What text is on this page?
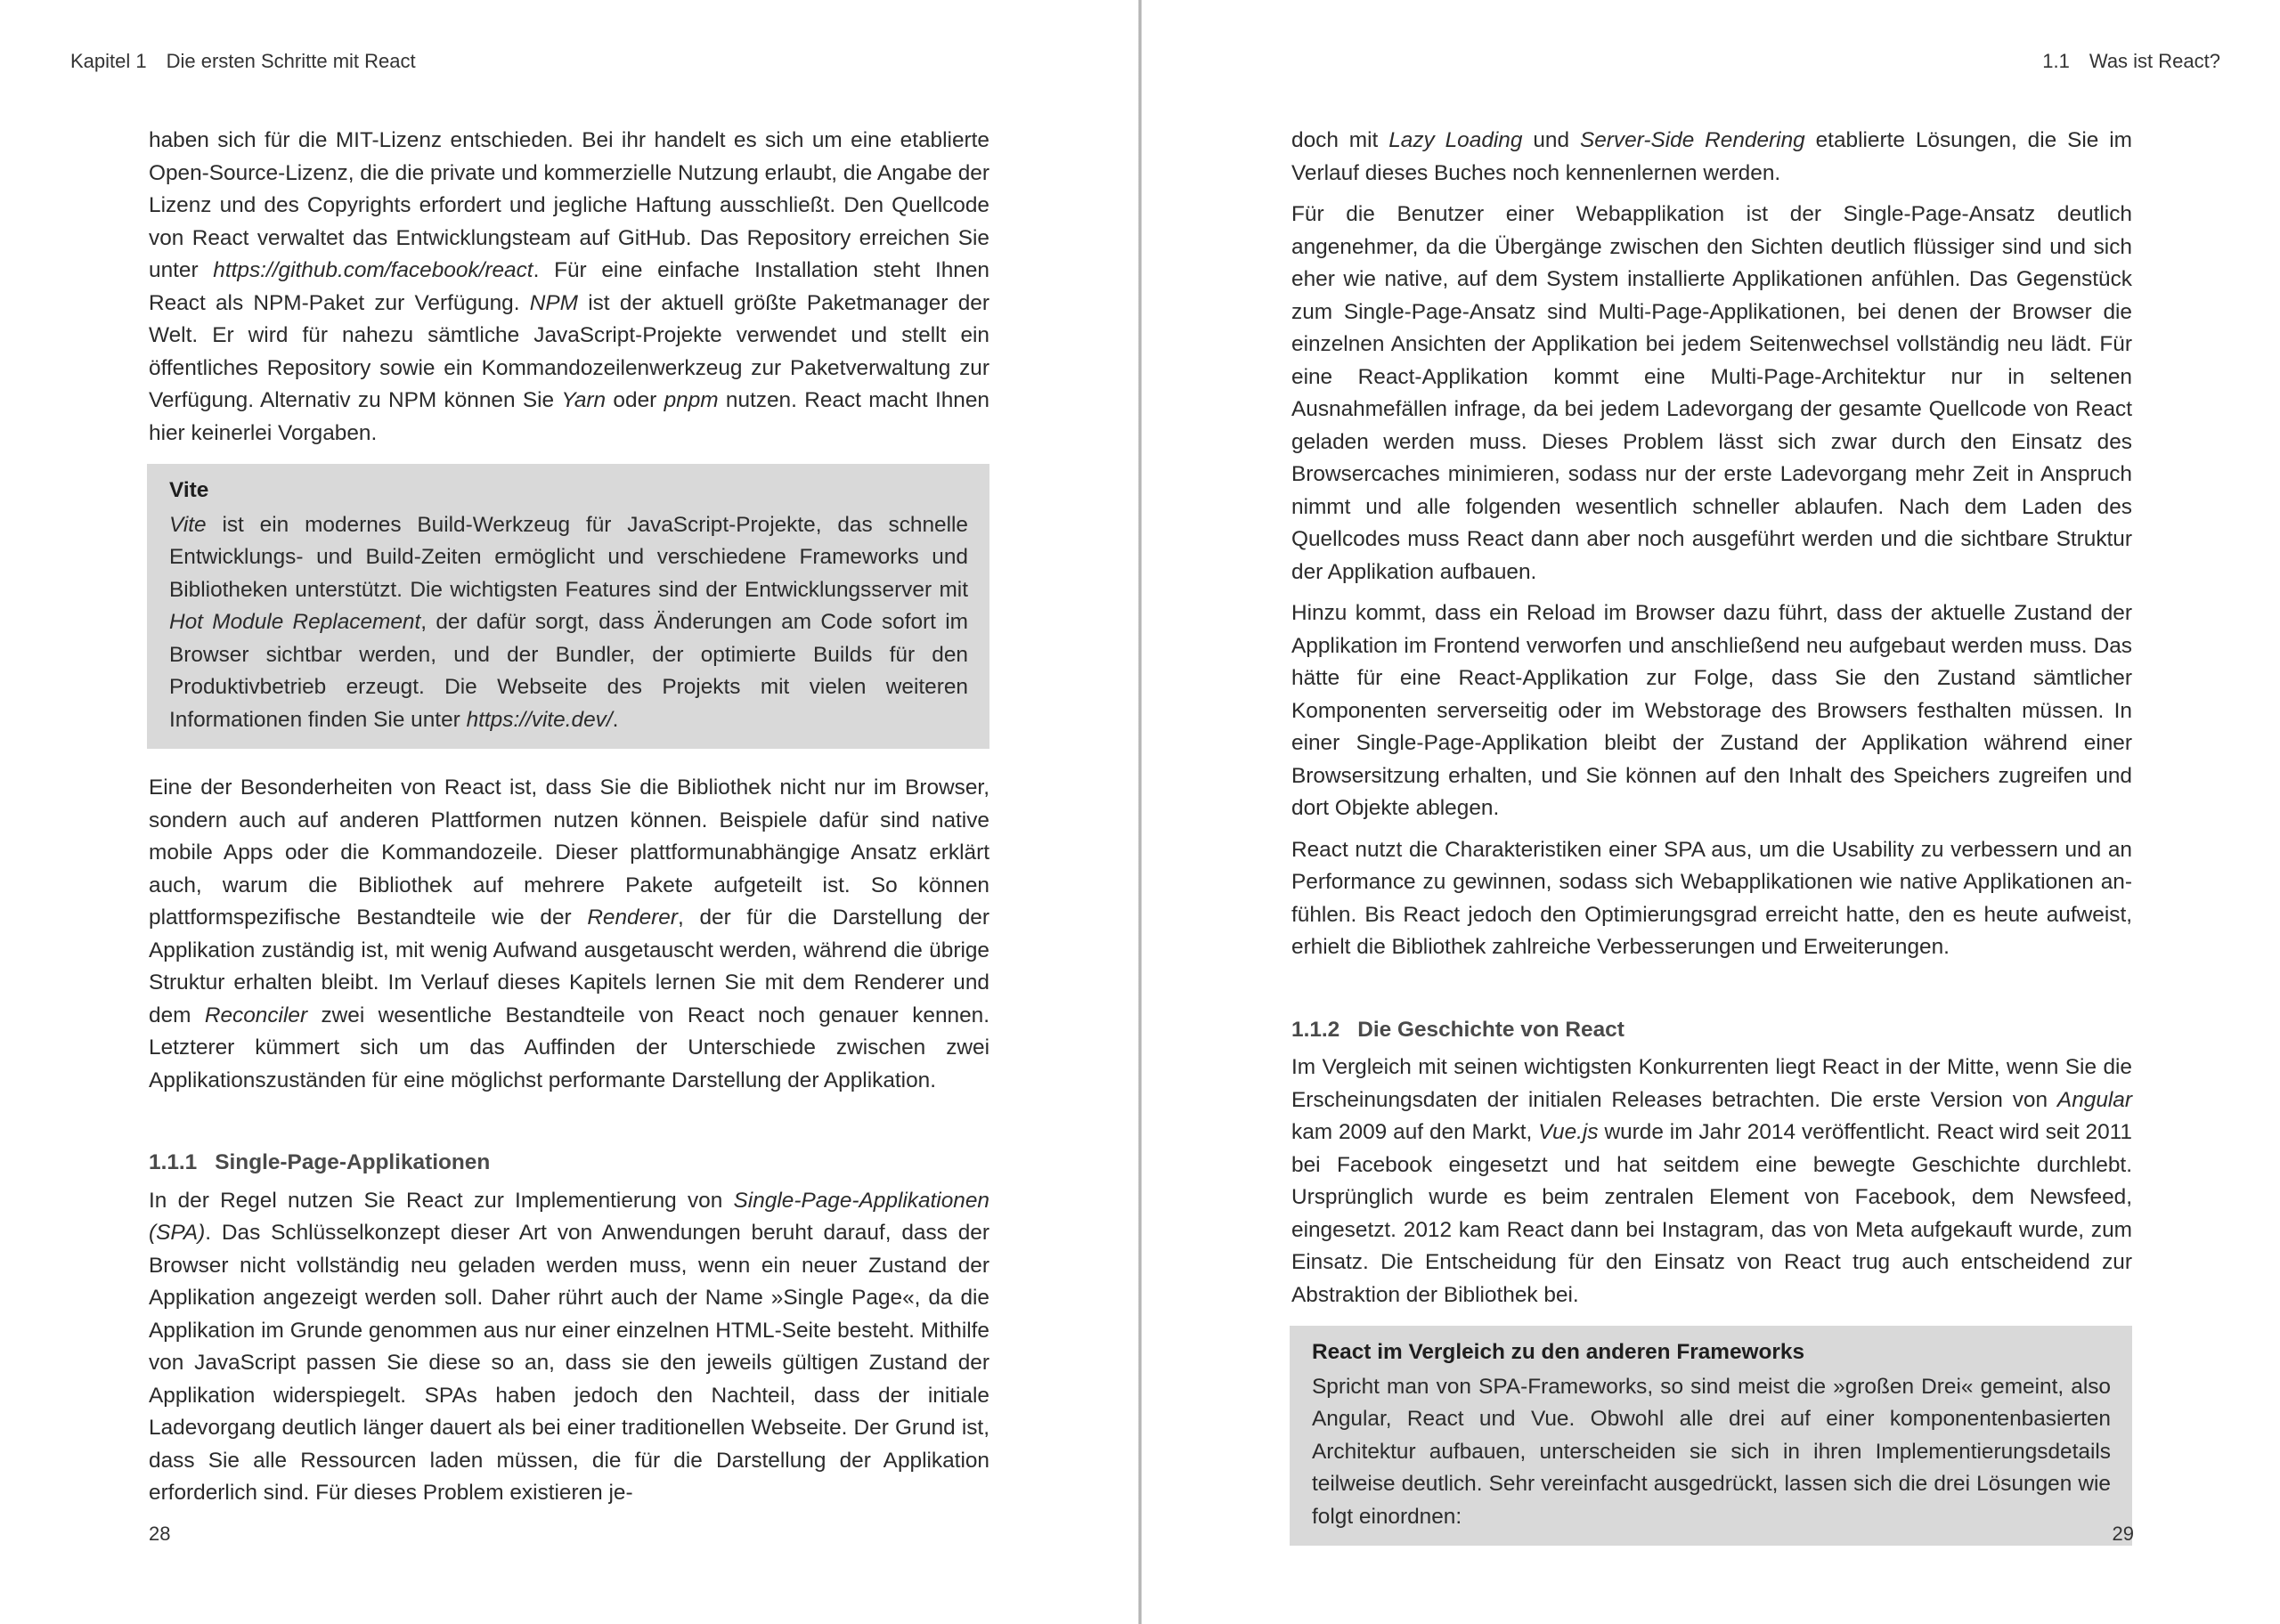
Kapitel 1 Die ersten Schritte mit React

haben sich für die MIT-Lizenz entschieden. Bei ihr handelt es sich um eine etablierte Open-Source-Lizenz, die die private und kommerzielle Nutzung erlaubt, die Angabe der Lizenz und des Copyrights erfordert und jegliche Haftung ausschließt. Den Quellcode von React verwaltet das Entwicklungsteam auf GitHub. Das Repository erreichen Sie unter https://github.com/facebook/react. Für eine einfache Installation steht Ihnen React als NPM-Paket zur Verfügung. NPM ist der aktuell größte Paketmanager der Welt. Er wird für nahezu sämtliche JavaScript-Projekte verwendet und stellt ein öffentliches Repository sowie ein Kommandozeilenwerkzeug zur Paketverwaltung zur Verfügung. Alternativ zu NPM können Sie Yarn oder pnpm nutzen. React macht Ihnen hier keinerlei Vorgaben.

Vite

Vite ist ein modernes Build-Werkzeug für JavaScript-Projekte, das schnelle Entwicklungs- und Build-Zeiten ermöglicht und verschiedene Frameworks und Bibliotheken unterstützt. Die wichtigsten Features sind der Entwicklungsserver mit Hot Module Replacement, der dafür sorgt, dass Änderungen am Code sofort im Browser sichtbar werden, und der Bundler, der optimierte Builds für den Produktivbetrieb erzeugt. Die Webseite des Projekts mit vielen weiteren Informationen finden Sie unter https://vite.dev/.

Eine der Besonderheiten von React ist, dass Sie die Bibliothek nicht nur im Browser, sondern auch auf anderen Plattformen nutzen können. Beispiele dafür sind native mobile Apps oder die Kommandozeile. Dieser plattformunabhängige Ansatz erklärt auch, warum die Bibliothek auf mehrere Pakete aufgeteilt ist. So können plattformspezifische Bestandteile wie der Renderer, der für die Darstellung der Applikation zuständig ist, mit wenig Aufwand ausgetauscht werden, während die übrige Struktur erhalten bleibt. Im Verlauf dieses Kapitels lernen Sie mit dem Renderer und dem Reconciler zwei wesentliche Bestandteile von React noch genauer kennen. Letzterer kümmert sich um das Auffinden der Unterschiede zwischen zwei Applikationszuständen für eine möglichst performante Darstellung der Applikation.

1.1.1 Single-Page-Applikationen

In der Regel nutzen Sie React zur Implementierung von Single-Page-Applikationen (SPA). Das Schlüsselkonzept dieser Art von Anwendungen beruht darauf, dass der Browser nicht vollständig neu geladen werden muss, wenn ein neuer Zustand der Applikation angezeigt werden soll. Daher rührt auch der Name »Single Page«, da die Applikation im Grunde genommen aus nur einer einzelnen HTML-Seite besteht. Mithilfe von JavaScript passen Sie diese so an, dass sie den jeweils gültigen Zustand der Applikation widerspiegelt. SPAs haben jedoch den Nachteil, dass der initiale Ladevorgang deutlich länger dauert als bei einer traditionellen Webseite. Der Grund ist, dass Sie alle Ressourcen laden müssen, die für die Darstellung der Applikation erforderlich sind. Für dieses Problem existieren je-

28
1.1 Was ist React?

doch mit Lazy Loading und Server-Side Rendering etablierte Lösungen, die Sie im Verlauf dieses Buches noch kennenlernen werden.

Für die Benutzer einer Webapplikation ist der Single-Page-Ansatz deutlich angenehmer, da die Übergänge zwischen den Sichten deutlich flüssiger sind und sich eher wie native, auf dem System installierte Applikationen anfühlen. Das Gegenstück zum Single-Page-Ansatz sind Multi-Page-Applikationen, bei denen der Browser die einzelnen Ansichten der Applikation bei jedem Seitenwechsel vollständig neu lädt. Für eine React-Applikation kommt eine Multi-Page-Architektur nur in seltenen Ausnahmefällen infrage, da bei jedem Ladevorgang der gesamte Quellcode von React geladen werden muss. Dieses Problem lässt sich zwar durch den Einsatz des Browsercaches minimieren, sodass nur der erste Ladevorgang mehr Zeit in Anspruch nimmt und alle folgenden wesentlich schneller ablaufen. Nach dem Laden des Quellcodes muss React dann aber noch ausgeführt werden und die sichtbare Struktur der Applikation aufbauen.

Hinzu kommt, dass ein Reload im Browser dazu führt, dass der aktuelle Zustand der Applikation im Frontend verworfen und anschließend neu aufgebaut werden muss. Das hätte für eine React-Applikation zur Folge, dass Sie den Zustand sämtlicher Komponenten serverseitig oder im Webstorage des Browsers festhalten müssen. In einer Single-Page-Applikation bleibt der Zustand der Applikation während einer Browsersitzung erhalten, und Sie können auf den Inhalt des Speichers zugreifen und dort Objekte ablegen.

React nutzt die Charakteristiken einer SPA aus, um die Usability zu verbessern und an Performance zu gewinnen, sodass sich Webapplikationen wie native Applikationen anfühlen. Bis React jedoch den Optimierungsgrad erreicht hatte, den es heute aufweist, erhielt die Bibliothek zahlreiche Verbesserungen und Erweiterungen.

1.1.2 Die Geschichte von React

Im Vergleich mit seinen wichtigsten Konkurrenten liegt React in der Mitte, wenn Sie die Erscheinungsdaten der initialen Releases betrachten. Die erste Version von Angular kam 2009 auf den Markt, Vue.js wurde im Jahr 2014 veröffentlicht. React wird seit 2011 bei Facebook eingesetzt und hat seitdem eine bewegte Geschichte durchlebt. Ursprünglich wurde es beim zentralen Element von Facebook, dem Newsfeed, eingesetzt. 2012 kam React dann bei Instagram, das von Meta aufgekauft wurde, zum Einsatz. Die Entscheidung für den Einsatz von React trug auch entscheidend zur Abstraktion der Bibliothek bei.

React im Vergleich zu den anderen Frameworks

Spricht man von SPA-Frameworks, so sind meist die »großen Drei« gemeint, also Angular, React und Vue. Obwohl alle drei auf einer komponentenbasierten Architektur aufbauen, unterscheiden sie sich in ihren Implementierungsdetails teilweise deutlich. Sehr vereinfacht ausgedrückt, lassen sich die drei Lösungen wie folgt einordnen:

29
